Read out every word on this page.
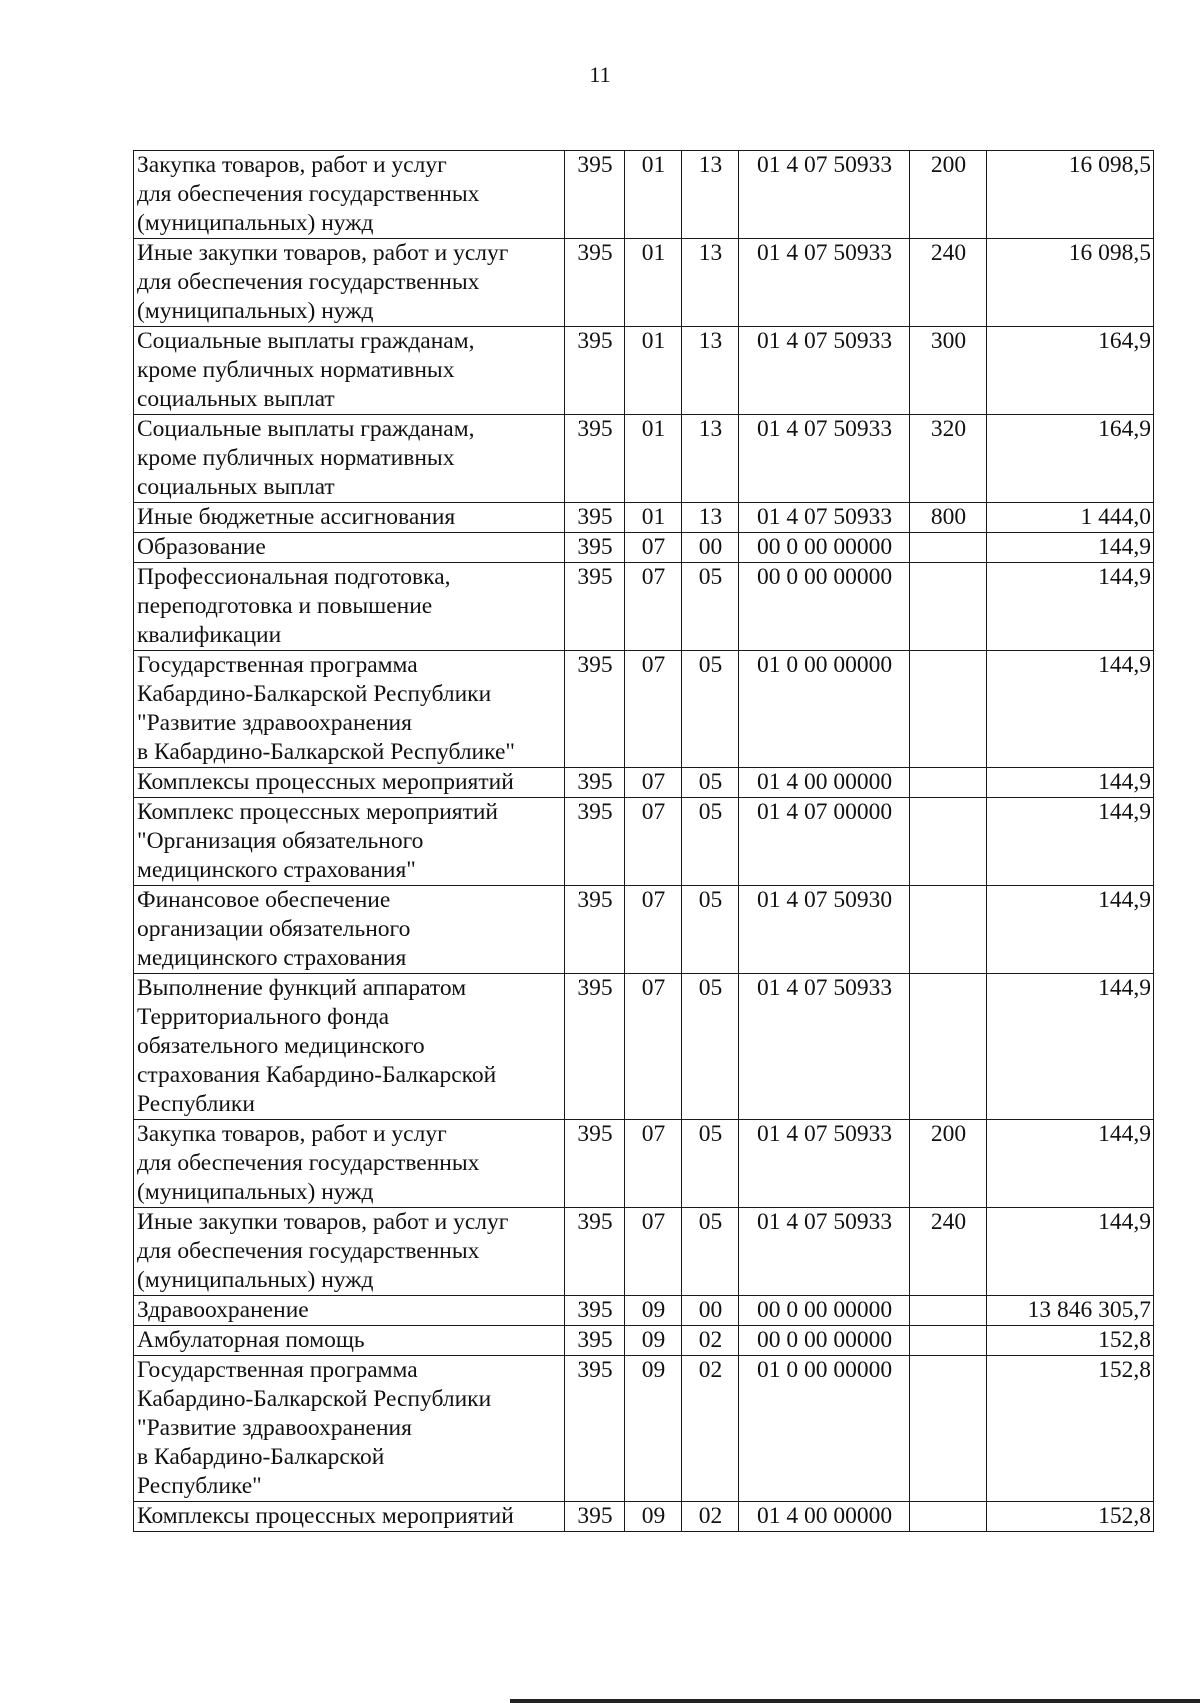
11
Закупка товаров, работ и услуг
для обеспечения государственных
(муниципальных) нужд	395	01	13	01 4 07 50933	200	16 098,5
Иные закупки товаров, работ и услуг
для обеспечения государственных
(муниципальных) нужд	395	01	13	01 4 07 50933	240	16 098,5
Социальные выплаты гражданам,
кроме публичных нормативных
социальных выплат	395	01	13	01 4 07 50933	300	164,9
Социальные выплаты гражданам,
кроме публичных нормативных
социальных выплат	395	01	13	01 4 07 50933	320	164,9
Иные бюджетные ассигнования	395	01	13	01 4 07 50933	800	1 444,0
Образование	395	07	00	00 0 00 00000		144,9
Профессиональная подготовка,
переподготовка и повышение
квалификации	395	07	05	00 0 00 00000		144,9
Государственная программа
Кабардино-Балкарской Республики
"Развитие здравоохранения
в Кабардино-Балкарской Республике"	395	07	05	01 0 00 00000		144,9
Комплексы процессных мероприятий	395	07	05	01 4 00 00000		144,9
Комплекс процессных мероприятий
"Организация обязательного
медицинского страхования"	395	07	05	01 4 07 00000		144,9
Финансовое обеспечение
организации обязательного
медицинского страхования	395	07	05	01 4 07 50930		144,9
Выполнение функций аппаратом
Территориального фонда
обязательного медицинского
страхования Кабардино-Балкарской
Республики	395	07	05	01 4 07 50933		144,9
Закупка товаров, работ и услуг
для обеспечения государственных
(муниципальных) нужд	395	07	05	01 4 07 50933	200	144,9
Иные закупки товаров, работ и услуг
для обеспечения государственных
(муниципальных) нужд	395	07	05	01 4 07 50933	240	144,9
Здравоохранение	395	09	00	00 0 00 00000		13 846 305,7
Амбулаторная помощь	395	09	02	00 0 00 00000		152,8
Государственная программа
Кабардино-Балкарской Республики
"Развитие здравоохранения
в Кабардино-Балкарской
Республике"	395	09	02	01 0 00 00000		152,8
Комплексы процессных мероприятий	395	09	02	01 4 00 00000		152,8
